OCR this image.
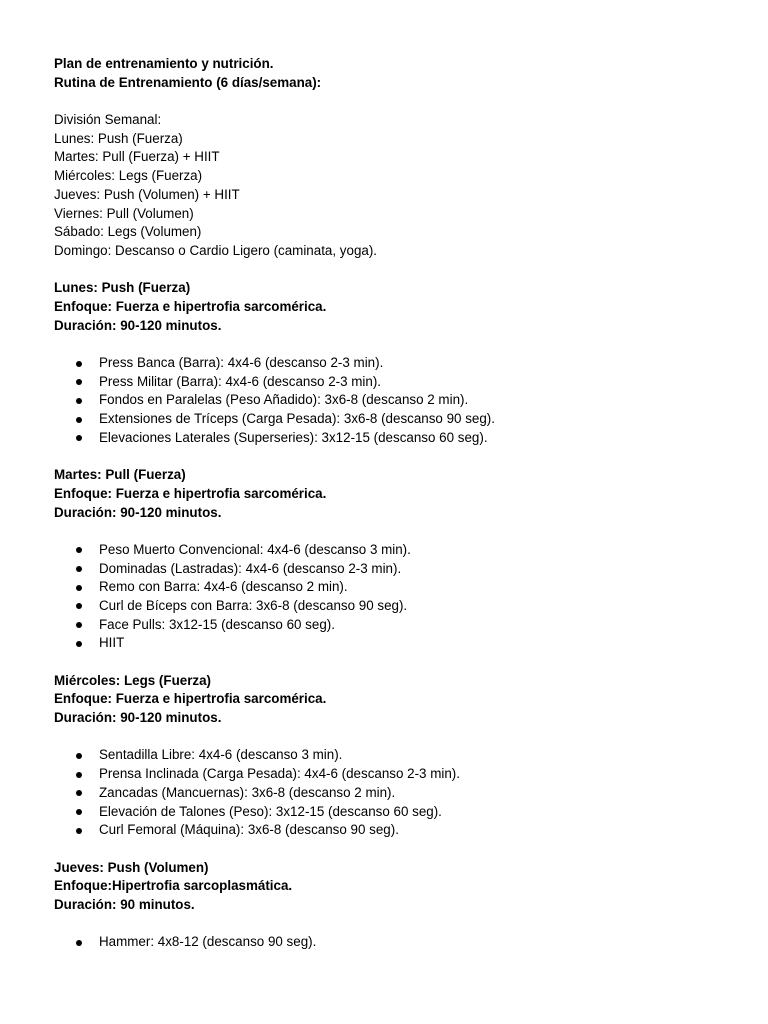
Plan de entrenamiento y nutrición.
Rutina de Entrenamiento (6 días/semana):
División Semanal:
Lunes: Push (Fuerza)
Martes: Pull (Fuerza) + HIIT
Miércoles: Legs (Fuerza)
Jueves: Push (Volumen) + HIIT
Viernes: Pull (Volumen)
Sábado: Legs (Volumen)
Domingo: Descanso o Cardio Ligero (caminata, yoga).
Lunes: Push (Fuerza)
Enfoque: Fuerza e hipertrofia sarcomérica.
Duración: 90-120 minutos.
Press Banca (Barra): 4x4-6 (descanso 2-3 min).
Press Militar (Barra): 4x4-6 (descanso 2-3 min).
Fondos en Paralelas (Peso Añadido): 3x6-8 (descanso 2 min).
Extensiones de Tríceps (Carga Pesada): 3x6-8 (descanso 90 seg).
Elevaciones Laterales (Superseries): 3x12-15 (descanso 60 seg).
Martes: Pull (Fuerza)
Enfoque: Fuerza e hipertrofia sarcomérica.
Duración: 90-120 minutos.
Peso Muerto Convencional: 4x4-6 (descanso 3 min).
Dominadas (Lastradas): 4x4-6 (descanso 2-3 min).
Remo con Barra: 4x4-6 (descanso 2 min).
Curl de Bíceps con Barra: 3x6-8 (descanso 90 seg).
Face Pulls: 3x12-15 (descanso 60 seg).
HIIT
Miércoles: Legs (Fuerza)
Enfoque: Fuerza e hipertrofia sarcomérica.
Duración: 90-120 minutos.
Sentadilla Libre: 4x4-6 (descanso 3 min).
Prensa Inclinada (Carga Pesada): 4x4-6 (descanso 2-3 min).
Zancadas (Mancuernas): 3x6-8 (descanso 2 min).
Elevación de Talones (Peso): 3x12-15 (descanso 60 seg).
Curl Femoral (Máquina): 3x6-8 (descanso 90 seg).
Jueves: Push (Volumen)
Enfoque:Hipertrofia sarcoplasmática.
Duración: 90 minutos.
Hammer: 4x8-12 (descanso 90 seg).
